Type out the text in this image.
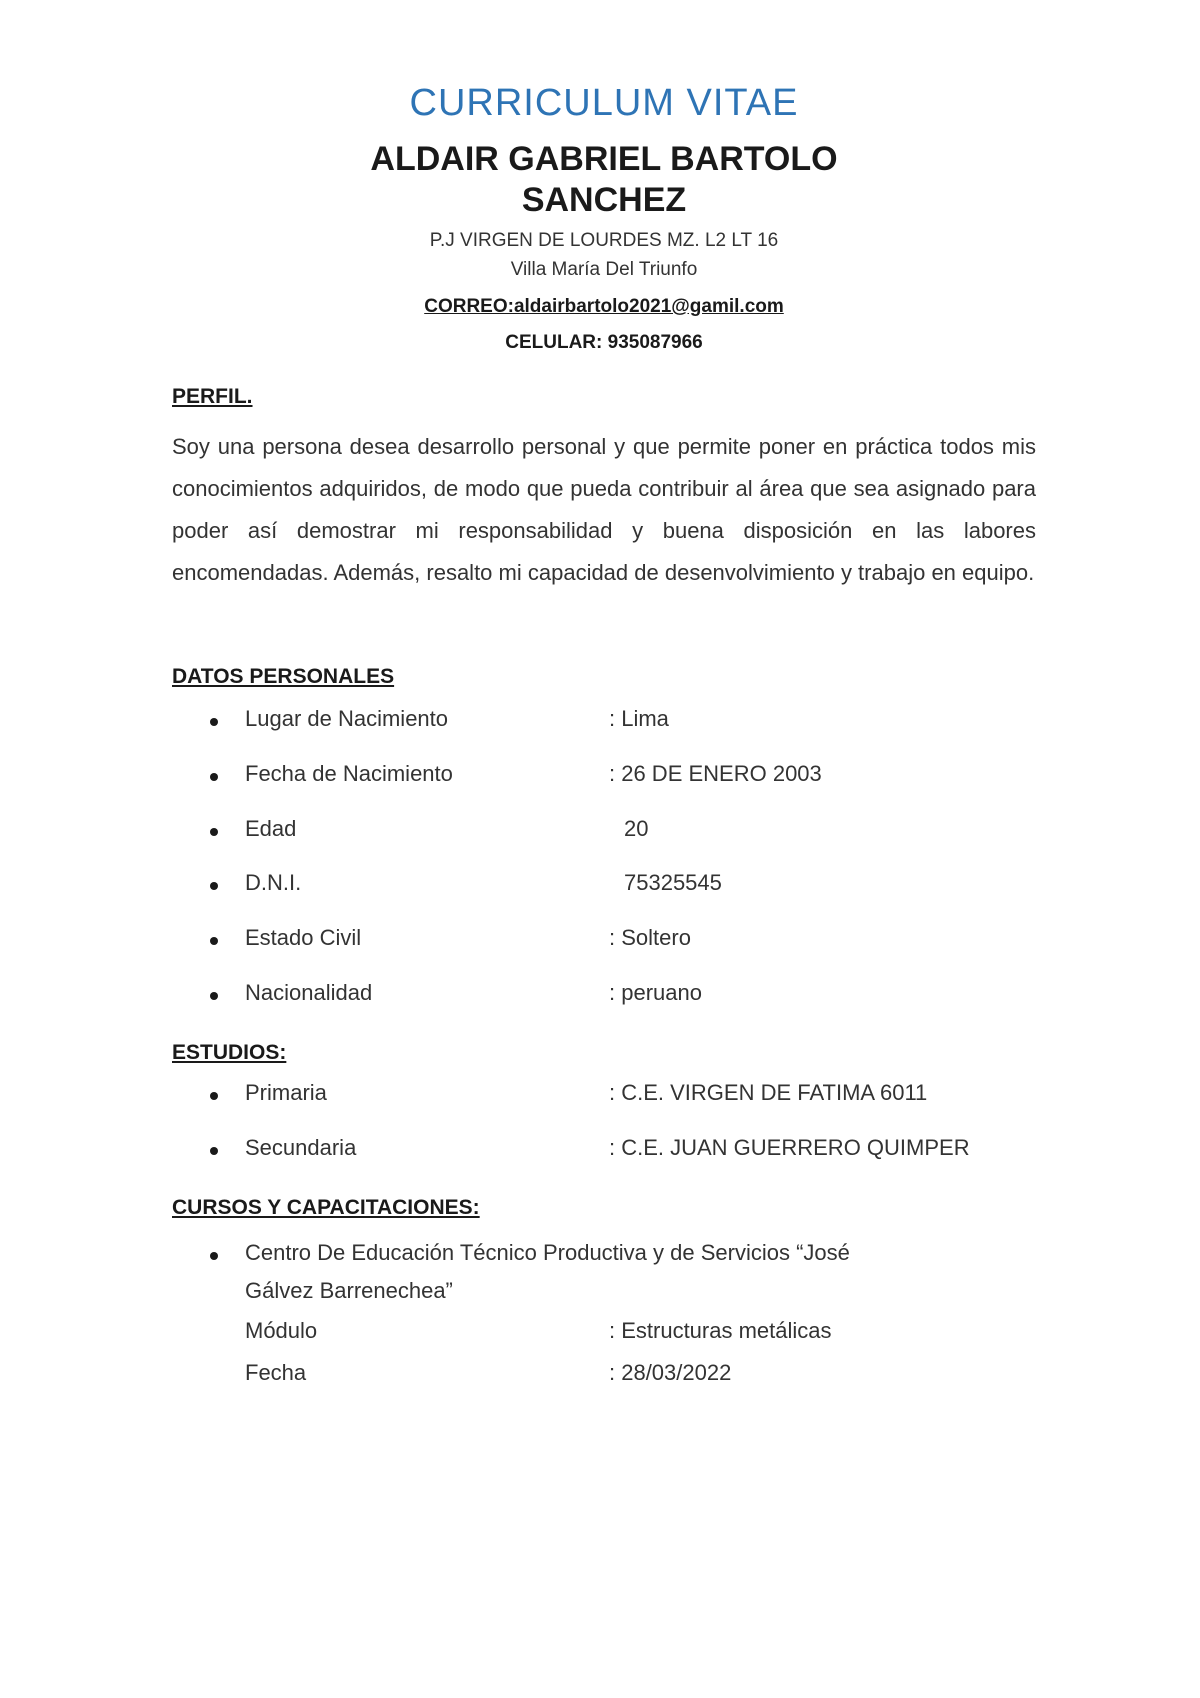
CURRICULUM VITAE
ALDAIR GABRIEL BARTOLO
SANCHEZ
P.J VIRGEN DE LOURDES MZ. L2 LT 16
Villa María Del Triunfo
CORREO:aldairbartolo2021@gamil.com
CELULAR: 935087966
PERFIL.
Soy una persona desea desarrollo personal y que permite poner en práctica todos mis conocimientos adquiridos, de modo que pueda contribuir al área que sea asignado para poder así demostrar mi responsabilidad y buena disposición en las labores encomendadas. Además, resalto mi capacidad de desenvolvimiento y trabajo en equipo.
DATOS PERSONALES
Lugar de Nacimiento	: Lima
Fecha de Nacimiento	: 26 DE ENERO 2003
Edad	20
D.N.I.	75325545
Estado Civil	: Soltero
Nacionalidad	: peruano
ESTUDIOS:
Primaria	: C.E. VIRGEN DE FATIMA 6011
Secundaria	: C.E. JUAN GUERRERO QUIMPER
CURSOS Y CAPACITACIONES:
Centro De Educación Técnico Productiva y de Servicios “José
Gálvez Barrenechea”
Módulo	: Estructuras metálicas
Fecha	: 28/03/2022
